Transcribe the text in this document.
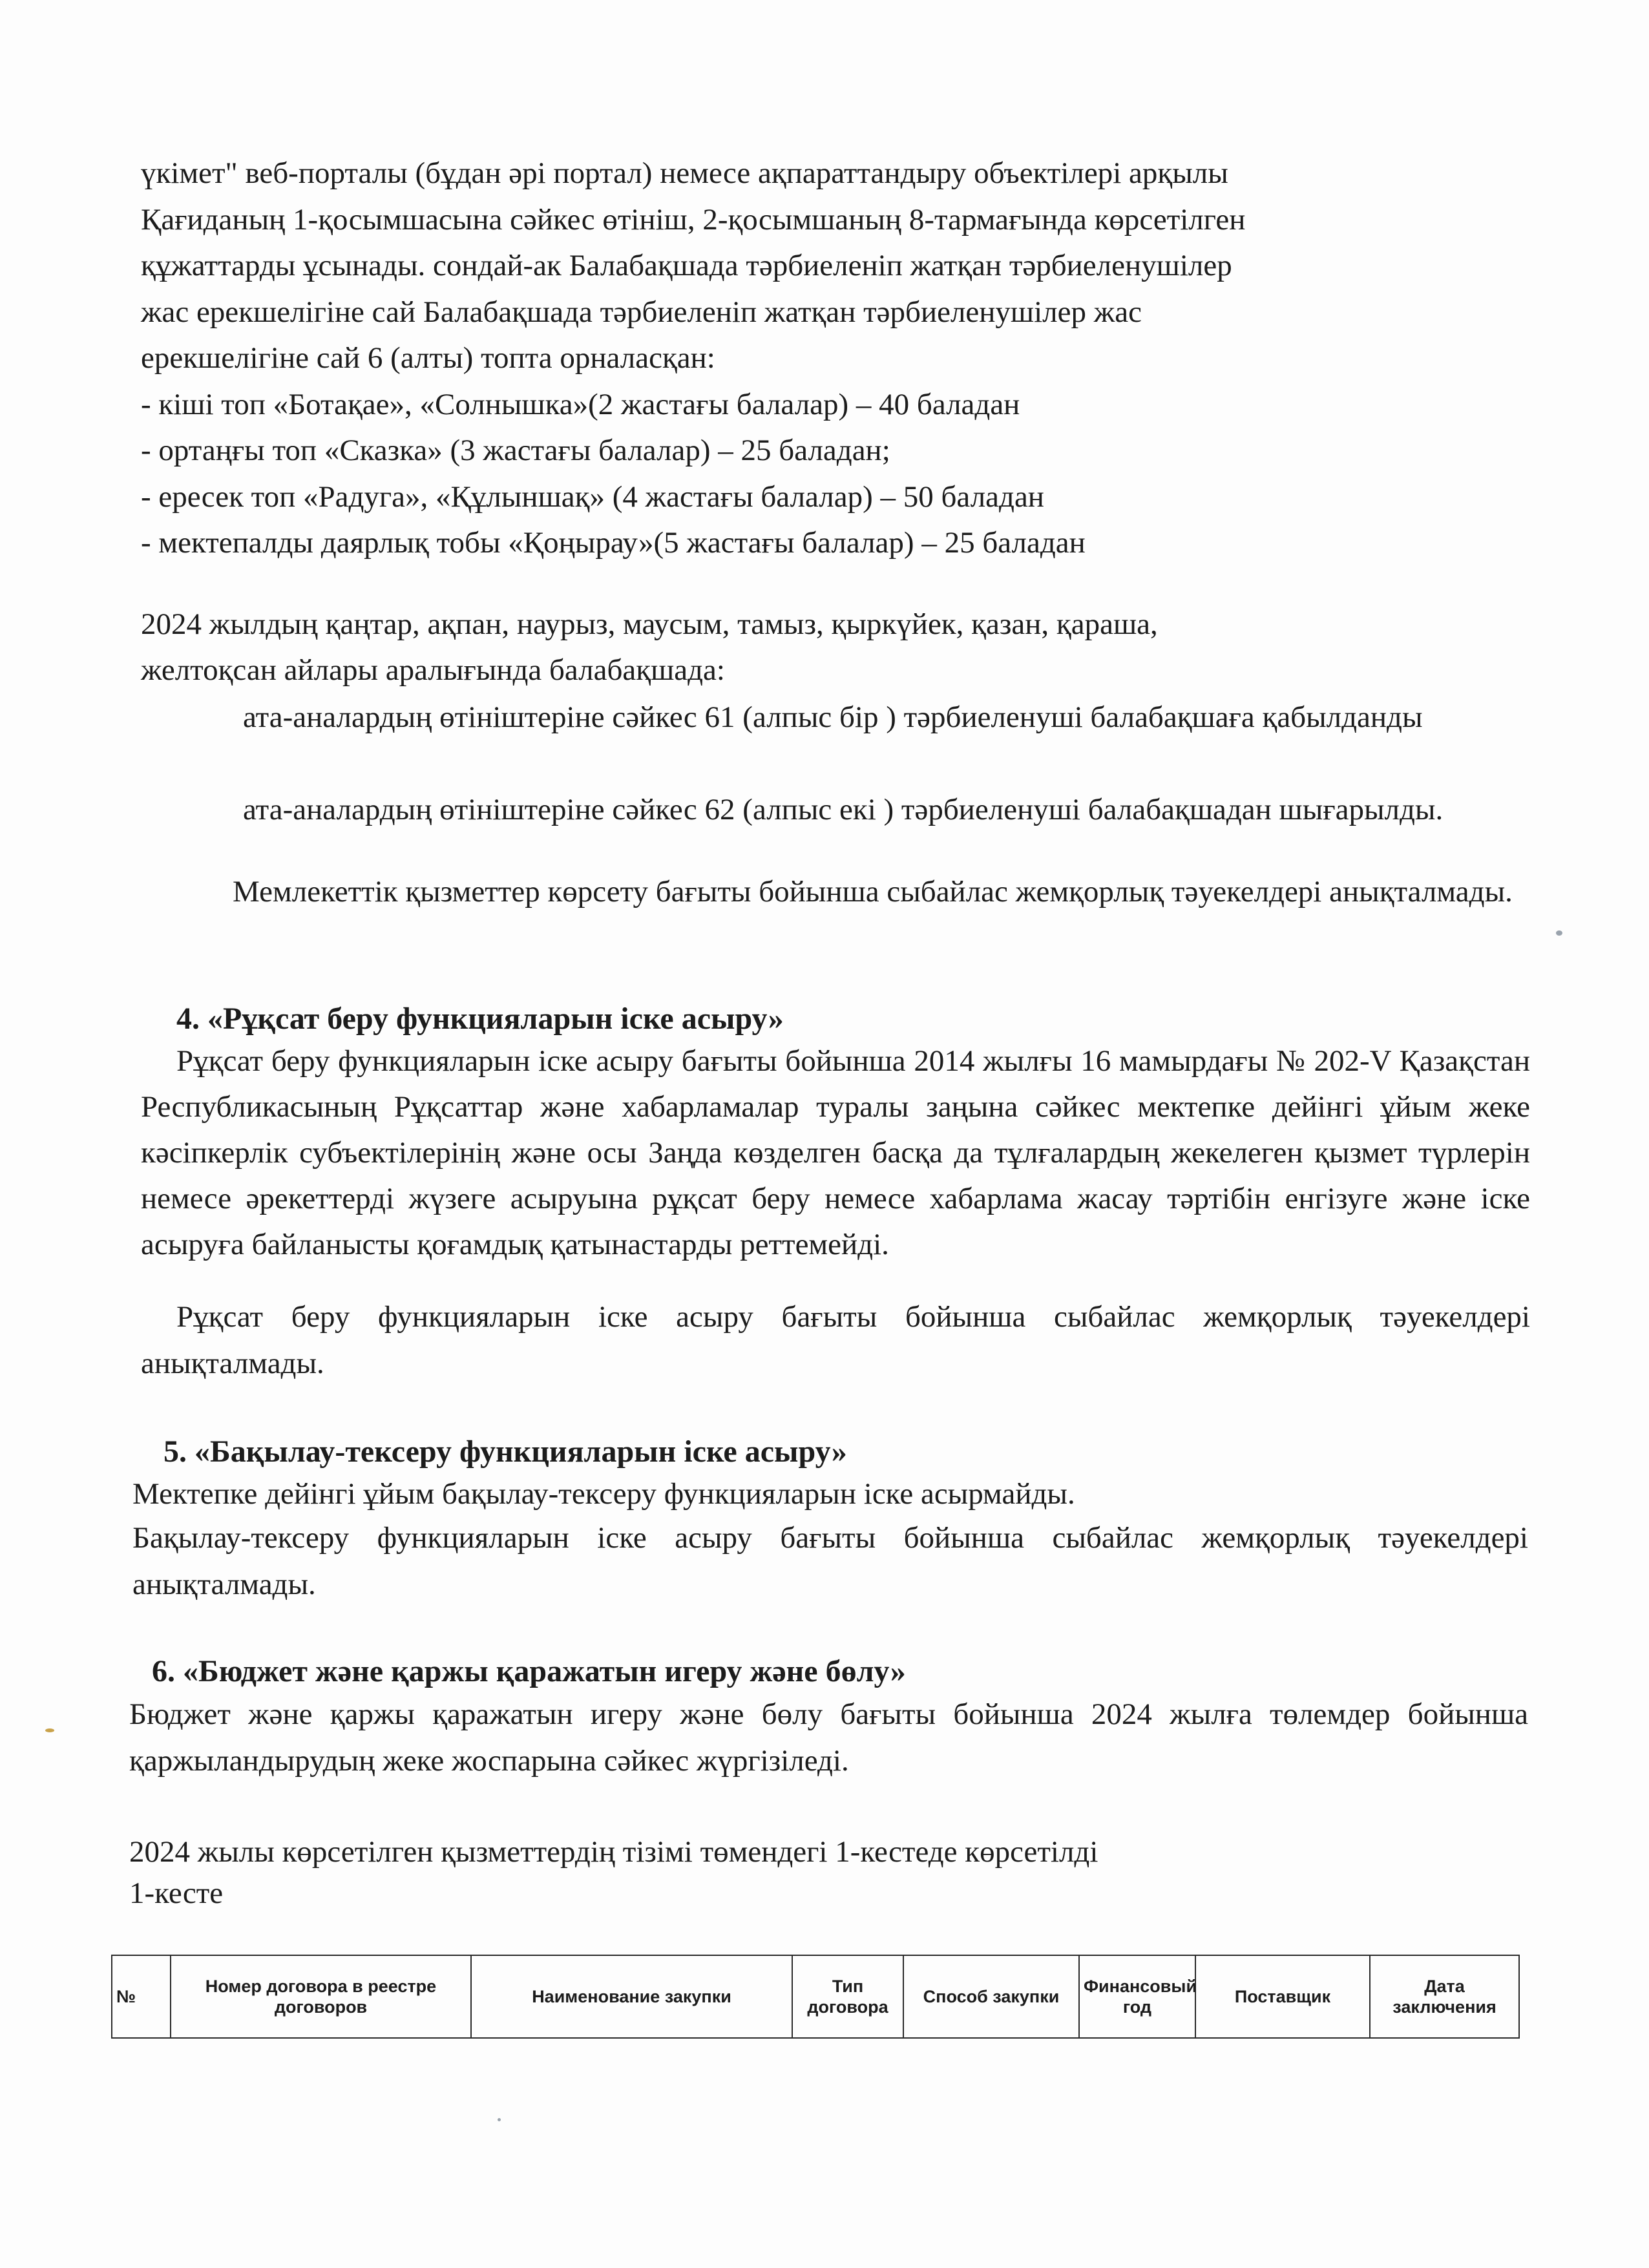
үкімет" веб-порталы (бұдан әрі портал) немесе ақпараттандыру объектілері арқылы
Қағиданың 1-қосымшасына сәйкес өтініш, 2-қосымшаның 8-тармағында көрсетілген
құжаттарды ұсынады. сондай-ак Балабақшада тәрбиеленіп жатқан тәрбиеленушілер
жас ерекшелігіне сай Балабақшада тәрбиеленіп жатқан тәрбиеленушілер жас
ерекшелігіне сай 6 (алты) топта орналасқан:
- кіші топ «Ботақае», «Солнышка»(2 жастағы балалар) – 40 баладан
- ортаңғы топ «Сказка» (3 жастағы балалар) – 25 баладан;
- ересек топ «Радуга», «Құлыншақ» (4 жастағы балалар) – 50 баладан
- мектепалды даярлық тобы «Қоңырау»(5 жастағы балалар) – 25 баладан
2024 жылдың қаңтар, ақпан, наурыз, маусым, тамыз, қыркүйек, қазан, қараша,
желтоқсан айлары аралығында балабақшада:
ата-аналардың өтініштеріне сәйкес 61 (алпыс бір ) тәрбиеленуші балабақшаға қабылданды
ата-аналардың өтініштеріне сәйкес 62 (алпыс екі ) тәрбиеленуші балабақшадан шығарылды.
Мемлекеттік қызметтер көрсету бағыты бойынша сыбайлас жемқорлық тәуекелдері анықталмады.
4. «Рұқсат беру функцияларын іске асыру»
Рұқсат беру функцияларын іске асыру бағыты бойынша 2014 жылғы 16 мамырдағы № 202-V Қазақстан Республикасының Рұқсаттар және хабарламалар туралы заңына сәйкес мектепке дейінгі ұйым жеке кәсіпкерлік субъектілерінің және осы Заңда көзделген басқа да тұлғалардың жекелеген қызмет түрлерін немесе әрекеттерді жүзеге асыруына рұқсат беру немесе хабарлама жасау тәртібін енгізуге және іске асыруға байланысты қоғамдық қатынастарды реттемейді.
Рұқсат беру функцияларын іске асыру бағыты бойынша сыбайлас жемқорлық тәуекелдері анықталмады.
5. «Бақылау-тексеру функцияларын іске асыру»
Мектепке дейінгі ұйым бақылау-тексеру функцияларын іске асырмайды.
Бақылау-тексеру функцияларын іске асыру бағыты бойынша сыбайлас жемқорлық тәуекелдері анықталмады.
6. «Бюджет және қаржы қаражатын игеру және бөлу»
Бюджет және қаржы қаражатын игеру және бөлу бағыты бойынша 2024 жылға төлемдер бойынша қаржыландырудың жеке жоспарына сәйкес жүргізіледі.
2024 жылы көрсетілген қызметтердің тізімі төмендегі 1-кестеде көрсетілді
1-кесте
№	Номер договора в реестре договоров	Наименование закупки	Тип договора	Способ закупки	Финансовый год	Поставщик	Дата заключения
